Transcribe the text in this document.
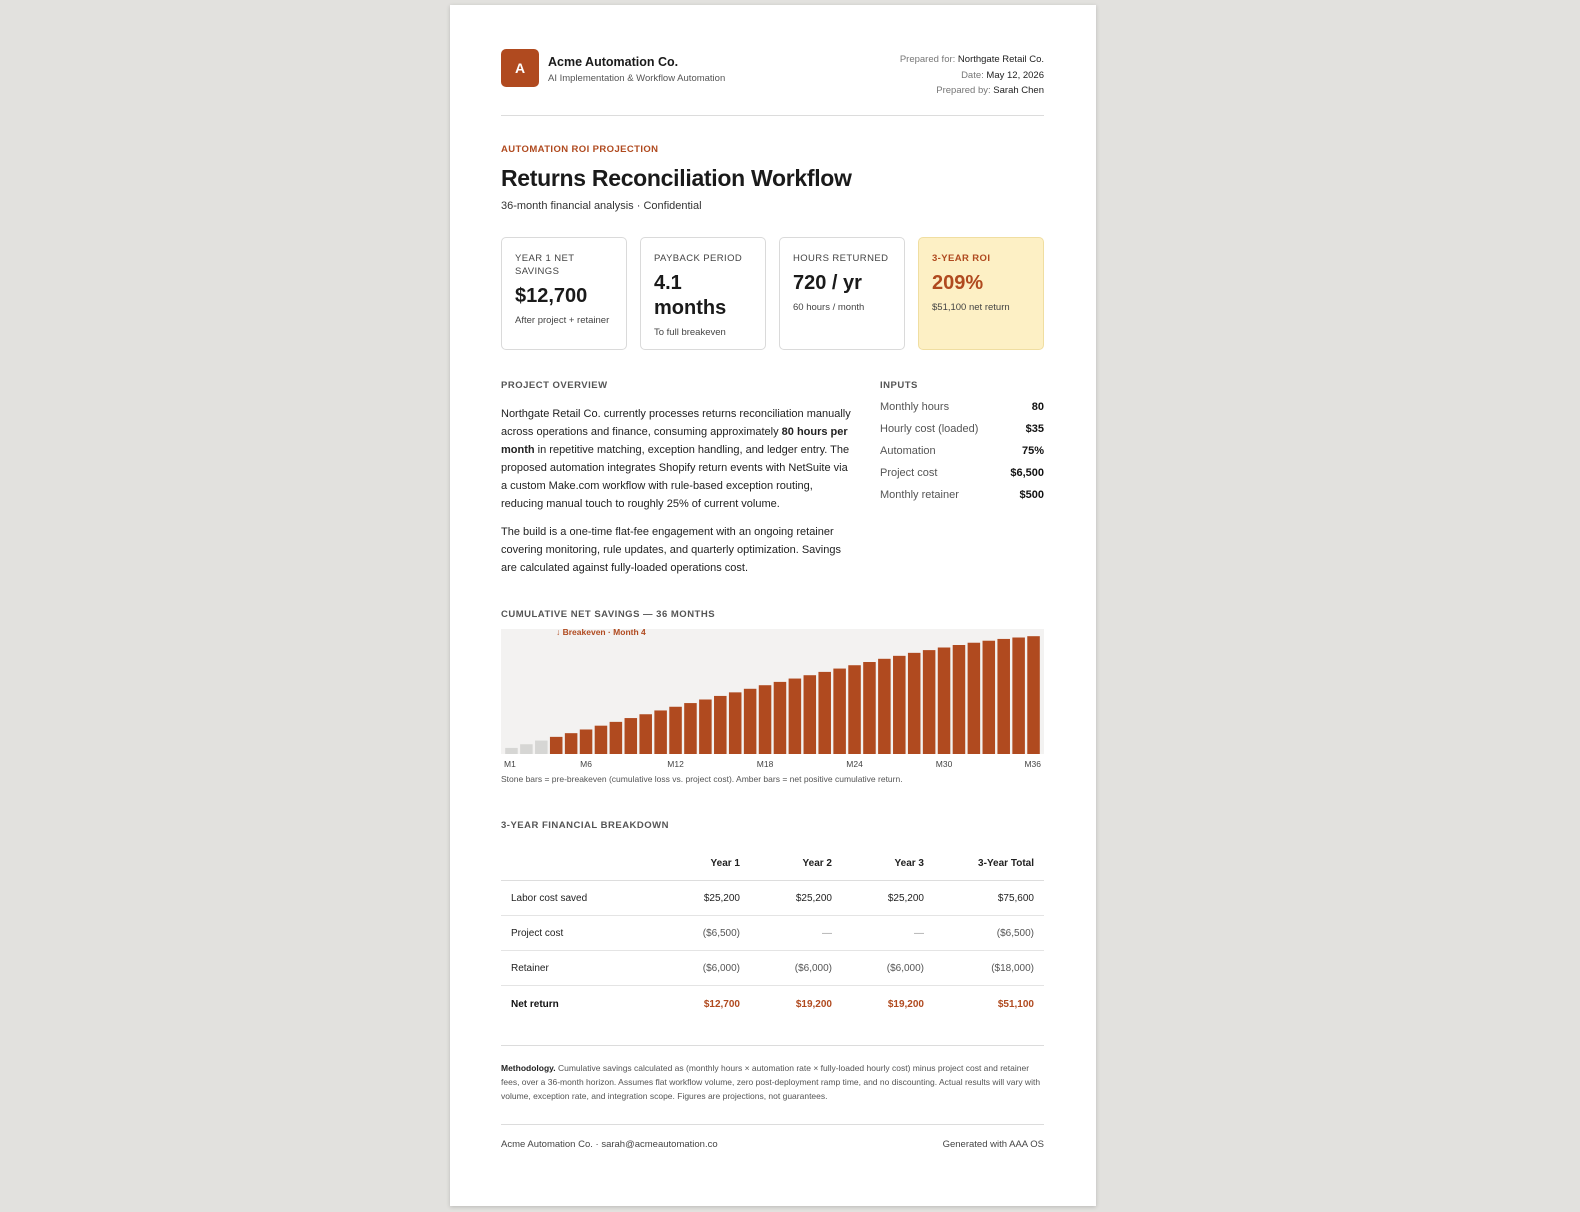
A	Acme Automation Co.
AI Implementation & Workflow Automation
Prepared for: Northgate Retail Co.
Date: May 12, 2026
Prepared by: Sarah Chen
AUTOMATION ROI PROJECTION
Returns Reconciliation Workflow
36-month financial analysis · Confidential
YEAR 1 NET SAVINGS
$12,700
After project + retainer
PAYBACK PERIOD
4.1 months
To full breakeven
HOURS RETURNED
720 / yr
60 hours / month
3-YEAR ROI
209%
$51,100 net return
PROJECT OVERVIEW

Northgate Retail Co. currently processes returns reconciliation manually across operations and finance, consuming approximately 80 hours per month in repetitive matching, exception handling, and ledger entry. The proposed automation integrates Shopify return events with NetSuite via a custom Make.com workflow with rule-based exception routing, reducing manual touch to roughly 25% of current volume.

The build is a one-time flat-fee engagement with an ongoing retainer covering monitoring, rule updates, and quarterly optimization. Savings are calculated against fully-loaded operations cost.

INPUTS
Monthly hours	80
Hourly cost (loaded)	$35
Automation	75%
Project cost	$6,500
Monthly retainer	$500
CUMULATIVE NET SAVINGS — 36 MONTHS
↓ Breakeven · Month 4
M1	M6	M12	M18	M24	M30	M36
Stone bars = pre-breakeven (cumulative loss vs. project cost). Amber bars = net positive cumulative return.
3-YEAR FINANCIAL BREAKDOWN
	Year 1	Year 2	Year 3	3-Year Total
Labor cost saved	$25,200	$25,200	$25,200	$75,600
Project cost	($6,500)	—	—	($6,500)
Retainer	($6,000)	($6,000)	($6,000)	($18,000)
Net return	$12,700	$19,200	$19,200	$51,100
Methodology. Cumulative savings calculated as (monthly hours × automation rate × fully-loaded hourly cost) minus project cost and retainer fees, over a 36-month horizon. Assumes flat workflow volume, zero post-deployment ramp time, and no discounting. Actual results will vary with volume, exception rate, and integration scope. Figures are projections, not guarantees.
Acme Automation Co. · sarah@acmeautomation.co	Generated with AAA OS
